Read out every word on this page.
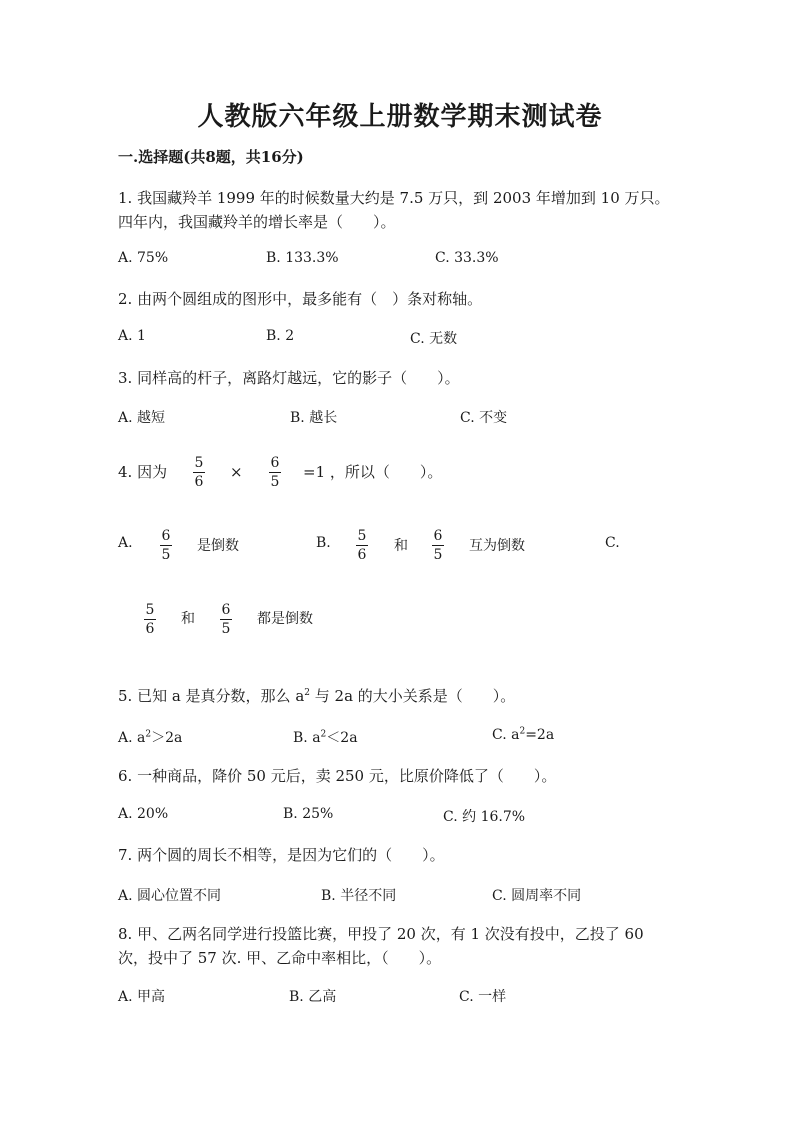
人教版六年级上册数学期末测试卷
一.选择题(共8题，共16分)
1. 我国藏羚羊 1999 年的时候数量大约是 7.5 万只，到 2003 年增加到 10 万只。
四年内，我国藏羚羊的增长率是（　　）。
A. 75%	B. 133.3%	C. 33.3%
2. 由两个圆组成的图形中，最多能有（　）条对称轴。
A. 1	B. 2	C. 无数
3. 同样高的杆子，离路灯越远，它的影子（　　）。
A. 越短	B. 越长	C. 不变
4. 因为 5
6
× 6
5
=1 ，所以（　　）。
A. 6
5
是倒数	B. 5
6
和
6
5
互为倒数	C.
5
6
和
6
5
都是倒数
5. 已知 a 是真分数，那么 $a^2$ 与 2a 的大小关系是（　　）。
A. $a^2>2a$	B. $a^2<2a$	C. $a^2=2a$
6. 一种商品，降价 50 元后，卖 250 元，比原价降低了（　　）。
A. 20%	B. 25%	C. 约 16.7%
7. 两个圆的周长不相等，是因为它们的（　　）。
A. 圆心位置不同	B. 半径不同	C. 圆周率不同
8. 甲、乙两名同学进行投篮比赛，甲投了 20 次，有 1 次没有投中，乙投了 60
次，投中了 57 次. 甲、乙命中率相比，（　　）。
A. 甲高	B. 乙高	C. 一样
